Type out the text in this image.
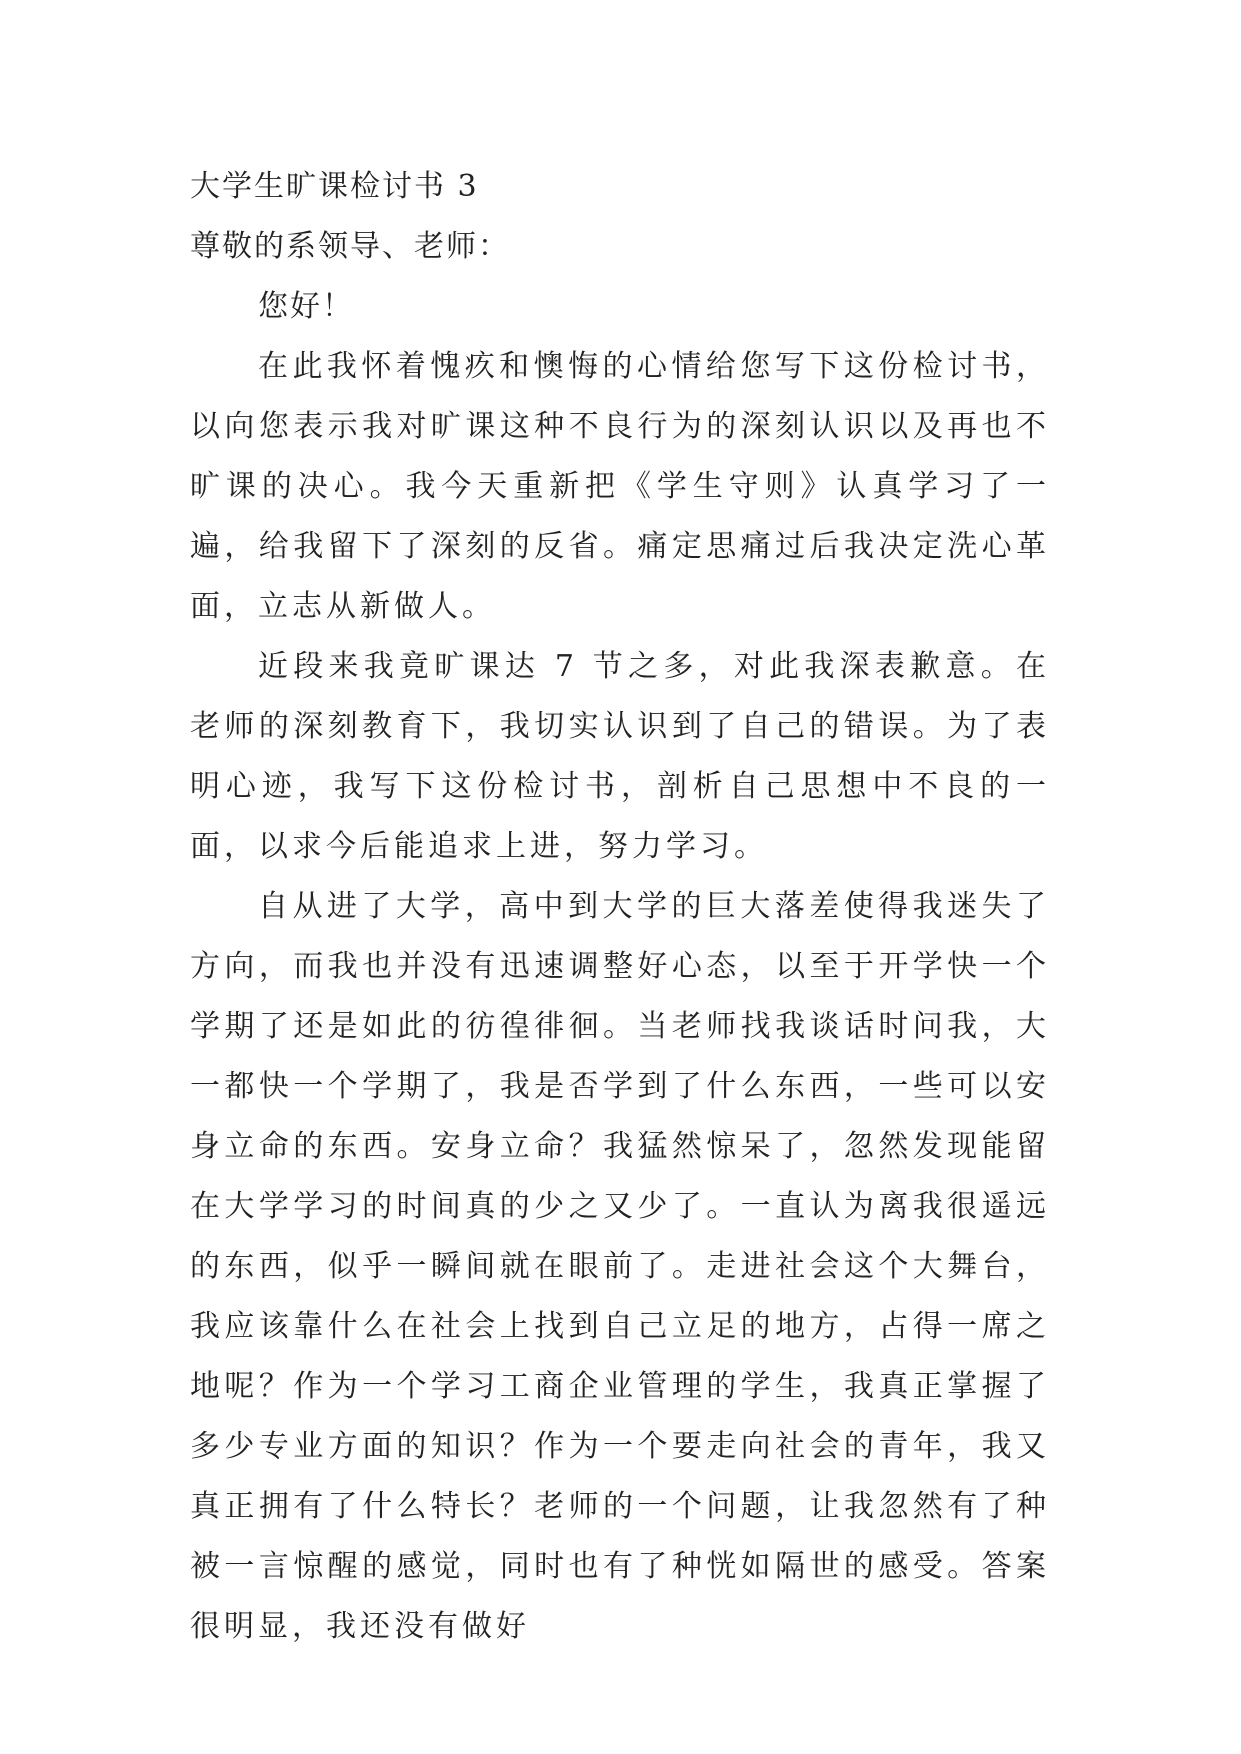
大学生旷课检讨书 3
尊敬的系领导、老师：
您好！

在此我怀着愧疚和懊悔的心情给您写下这份检讨书，以向您表示我对旷课这种不良行为的深刻认识以及再也不旷课的决心。我今天重新把《学生守则》认真学习了一遍，给我留下了深刻的反省。痛定思痛过后我决定洗心革面，立志从新做人。

近段来我竟旷课达 7 节之多，对此我深表歉意。在老师的深刻教育下，我切实认识到了自己的错误。为了表明心迹，我写下这份检讨书，剖析自己思想中不良的一面，以求今后能追求上进，努力学习。

自从进了大学，高中到大学的巨大落差使得我迷失了方向，而我也并没有迅速调整好心态，以至于开学快一个学期了还是如此的彷徨徘徊。当老师找我谈话时问我，大一都快一个学期了，我是否学到了什么东西，一些可以安身立命的东西。安身立命？我猛然惊呆了，忽然发现能留在大学学习的时间真的少之又少了。一直认为离我很遥远的东西，似乎一瞬间就在眼前了。走进社会这个大舞台，我应该靠什么在社会上找到自己立足的地方，占得一席之地呢？作为一个学习工商企业管理的学生，我真正掌握了多少专业方面的知识？作为一个要走向社会的青年，我又真正拥有了什么特长？老师的一个问题，让我忽然有了种被一言惊醒的感觉，同时也有了种恍如隔世的感受。答案很明显，我还没有做好
